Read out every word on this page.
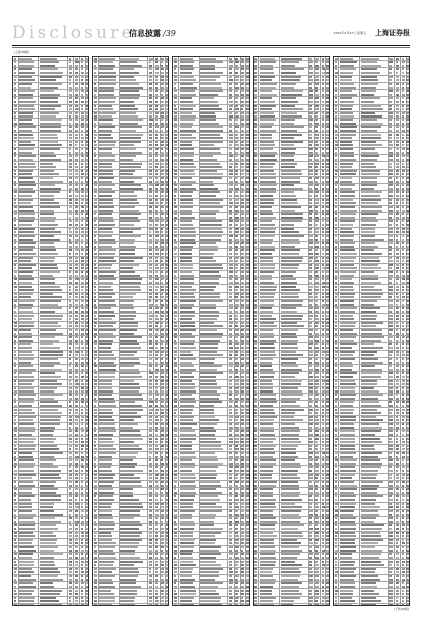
Disclosure
信息披露 /39	2007年4月27日 星期五 上海证券报
(上接38版)
(下转40版)
